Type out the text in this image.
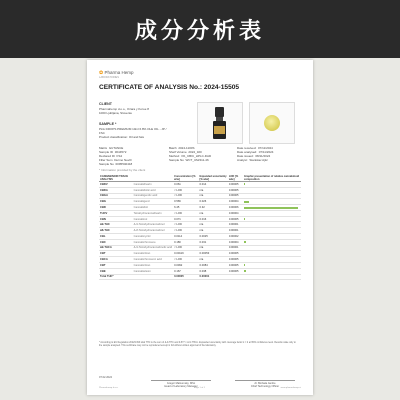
成分分析表
✿ Pharma Hemp
LABORATORIES
CERTIFICATE OF ANALYSIS No.: 2024-15505
CLIENT
Pharmahemp d.o.o., Ozara y Koroe 8
1000 Ljubljana, Slovenia
SAMPLE *
Pink DROPS PREMIUM 10ml 6.8% OLE OIL - JP /
FS4
Product classification: Oil and fats
Matrix GUTANCE	Batch 2024-1100S	Date received: 07/11/2024
Sample ID 3044572	Shelf Volume 2024_320	Date analysed: 07/11/2024
Declared ID FS4	Method: PA_CBIC_HPLC-DAD	Date issued: 08/11/2024
Filler Sum Dermo Nevill	Sample No WCT_UM/411-46	Analyst: Stanislav Ajtic
Sample No 0095540418
* Information provided by the client
CANNABINOID TRACE ANALYSIS		Concentration [% w/w]	Expanded uncertainty [% w/w]	LOD [% w/w]	Graphic presentation of relative cannabinoid composition
CBDV	Cannabidivarin	0.061	0.014	0.00005	

CBDA	Cannabidiolic acid	< LOD	n/a	0.00005	
CBGA	Cannabigerolic acid	< LOD	n/a	0.00005	
CBG	Cannabigerol	0.566	0.026	0.00004	

CBD	Cannabidiol	6.45	0.32	0.00006	

THCV	Tetrahydrocannabivarin	< LOD	n/a	0.00004	
CBN	Cannabinol	0.071	0.016	0.00005	

Δ9-THC	Δ-9-Tetrahydrocannabinol	< LOD	n/a	0.00001	
Δ8-THC	Δ-8-Tetrahydrocannabinol	< LOD	n/a	0.00001	
CBL	Cannabicyclol	0.0114	0.0025	0.00002	
CBC	Cannabichromene	0.180	0.031	0.00004	

Δ9-THCA	Δ-9-Tetrahydrocannabinolic acid	< LOD	n/a	0.00001	
CBT	Cannabicitran	0.00119	0.00053	0.00005	
CBCA	Cannabichromenic acid	< LOD	n/a	0.00005	
CBT	Cannabicitran	0.0392	0.0084	0.00005	

CBE	Cannabielsoin	0.167	0.038	0.00005	

Total THC*		0.00005	0.00001		
* According to EU Regulation 2022/1393 total THC is the sum of Δ-9-THC and 0.877 × Δ-9-THCA. Expanded uncertainty with coverage factor k = 2 at 95% confidence level. Results relate only to the sample analysed. This certificate may not be reproduced except in full without written approval of the laboratory.
07.02.2024
Gregor Maloumsky, MSc
Head of Laboratory Manager
dr. Borbala Jambe
Chief Technology Officer
Pharmahemp d.o.o.	Page 1 of 1	www.pharmahemp.si
